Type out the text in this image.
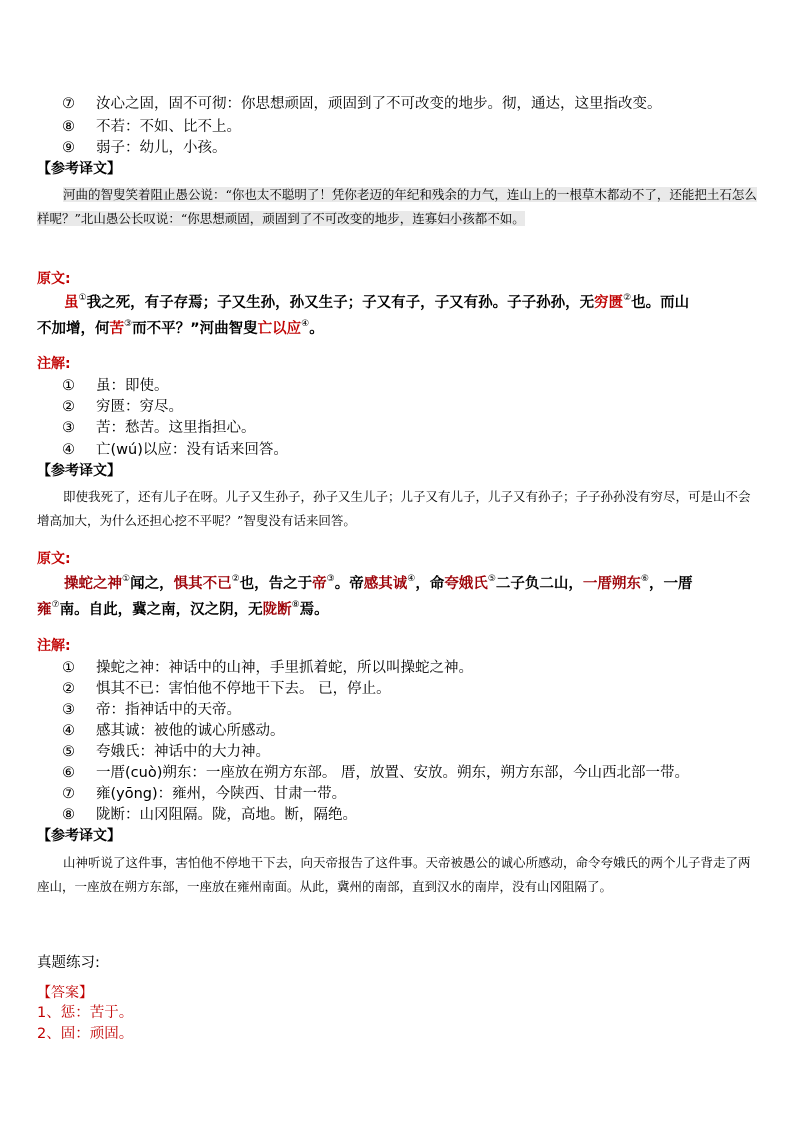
⑦ 汝心之固，固不可彻：你思想顽固，顽固到了不可改变的地步。彻，通达，这里指改变。
⑧ 不若：不如、比不上。
⑨ 弱子：幼儿，小孩。
【参考译文】

河曲的智叟笑着阻止愚公说：“你也太不聪明了！凭你老迈的年纪和残余的力气，连山上的一根草木都动不了，还能把土石怎么样呢？”北山愚公长叹说：“你思想顽固，顽固到了不可改变的地步，连寡妇小孩都不如。

原文:

虽①我之死，有子存焉；子又生孙，孙又生子；子又有子，子又有孙。子子孙孙，无穷匮②也。而山

不加增，何苦③而不平？”河曲智叟亡以应④。

注解:
① 虽：即使。
② 穷匮：穷尽。
③ 苦：愁苦。这里指担心。
④ 亡(wú)以应：没有话来回答。
【参考译文】

即使我死了，还有儿子在呀。儿子又生孙子，孙子又生儿子；儿子又有儿子，儿子又有孙子；子子孙孙没有穷尽，可是山不会增高加大，为什么还担心挖不平呢？”智叟没有话来回答。

原文:

操蛇之神①闻之，惧其不已②也，告之于帝③。帝感其诚④，命夸娥氏⑤二子负二山，一厝朔东⑥，一厝

雍⑦南。自此，冀之南，汉之阴，无陇断⑧焉。

注解:
① 操蛇之神：神话中的山神，手里抓着蛇，所以叫操蛇之神。
② 惧其不已：害怕他不停地干下去。 已，停止。
③ 帝：指神话中的天帝。
④ 感其诚：被他的诚心所感动。
⑤ 夸娥氏：神话中的大力神。
⑥ 一厝(cuò)朔东：一座放在朔方东部。 厝，放置、安放。朔东，朔方东部，今山西北部一带。
⑦ 雍(yōng)：雍州，今陕西、甘肃一带。
⑧ 陇断：山冈阻隔。陇，高地。断，隔绝。
【参考译文】

山神听说了这件事，害怕他不停地干下去，向天帝报告了这件事。天帝被愚公的诚心所感动，命令夸娥氏的两个儿子背走了两座山，一座放在朔方东部，一座放在雍州南面。从此，冀州的南部，直到汉水的南岸，没有山冈阻隔了。

真题练习:
【答案】
1、惩：苦于。
2、固：顽固。
